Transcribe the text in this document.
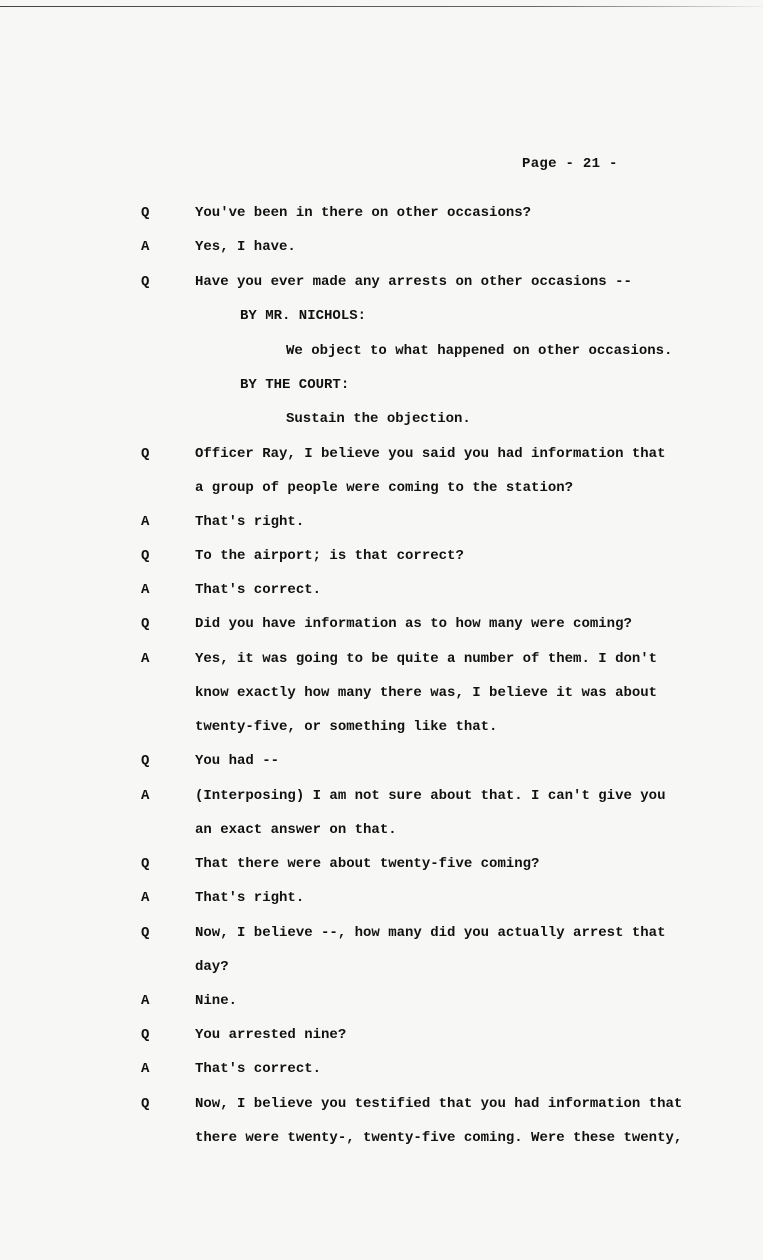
Page - 21 -
Q	You've been in there on other occasions?
A	Yes, I have.
Q	Have you ever made any arrests on other occasions --
BY MR. NICHOLS:
We object to what happened on other occasions.
BY THE COURT:
Sustain the objection.
Q	Officer Ray, I believe you said you had information that
a group of people were coming to the station?
A	That's right.
Q	To the airport; is that correct?
A	That's correct.
Q	Did you have information as to how many were coming?
A	Yes, it was going to be quite a number of them. I don't
know exactly how many there was, I believe it was about
twenty-five, or something like that.
Q	You had --
A	(Interposing) I am not sure about that. I can't give you
an exact answer on that.
Q	That there were about twenty-five coming?
A	That's right.
Q	Now, I believe --, how many did you actually arrest that
day?
A	Nine.
Q	You arrested nine?
A	That's correct.
Q	Now, I believe you testified that you had information that
there were twenty-, twenty-five coming. Were these twenty,
